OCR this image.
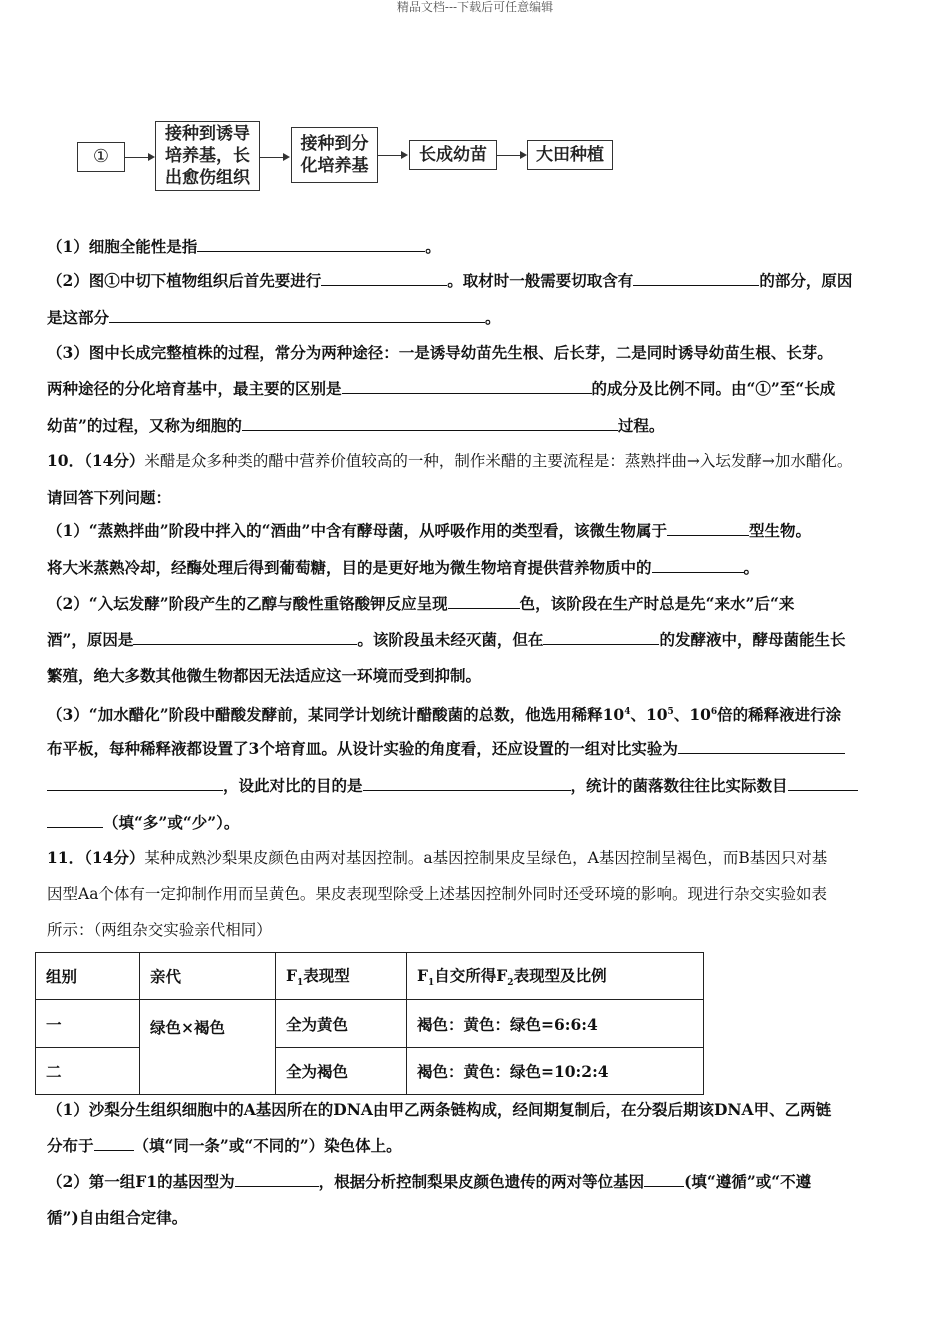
精品文档---下载后可任意编辑
①
接种到诱导
培养基，长
出愈伤组织
接种到分
化培养基
长成幼苗	大田种植
（1）细胞全能性是指	。
（2）图①中切下植物组织后首先要进行	。取材时一般需要切取含有	的部分，原因
是这部分	。
（3）图中长成完整植株的过程，常分为两种途径：一是诱导幼苗先生根、后长芽，二是同时诱导幼苗生根、长芽。
两种途径的分化培育基中，最主要的区别是	的成分及比例不同。由“①”至“长成
幼苗”的过程，又称为细胞的	过程。
10．（14分）米醋是众多种类的醋中营养价值较高的一种，制作米醋的主要流程是：蒸熟拌曲→入坛发酵→加水醋化。
请回答下列问题：
（1）“蒸熟拌曲”阶段中拌入的“酒曲”中含有酵母菌，从呼吸作用的类型看，该微生物属于	型生物。
将大米蒸熟冷却，经酶处理后得到葡萄糖，目的是更好地为微生物培育提供营养物质中的	。
（2）“入坛发酵”阶段产生的乙醇与酸性重铬酸钾反应呈现	色，该阶段在生产时总是先“来水”后“来
酒”，原因是	。该阶段虽未经灭菌，但在	的发酵液中，酵母菌能生长
繁殖，绝大多数其他微生物都因无法适应这一环境而受到抑制。
（3）“加水醋化”阶段中醋酸发酵前，某同学计划统计醋酸菌的总数，他选用稀释$10^4$、$10^5$、$10^6$倍的稀释液进行涂
布平板，每种稀释液都设置了3个培育皿。从设计实验的角度看，还应设置的一组对比实验为
，设此对比的目的是	，统计的菌落数往往比实际数目
（填“多”或“少”）。
11．（14分）某种成熟沙梨果皮颜色由两对基因控制。a基因控制果皮呈绿色，A基因控制呈褐色，而B基因只对基
因型Aa个体有一定抑制作用而呈黄色。果皮表现型除受上述基因控制外同时还受环境的影响。现进行杂交实验如表
所示：（两组杂交实验亲代相同）
组别	亲代	$F_1$表现型	$F_1$自交所得$F_2$表现型及比例
一	绿色×褐色	全为黄色	褐色：黄色：绿色=6:6:4
二		全为褐色	褐色：黄色：绿色=10:2:4
（1）沙梨分生组织细胞中的A基因所在的DNA由甲乙两条链构成，经间期复制后，在分裂后期该DNA甲、乙两链
分布于	（填“同一条”或“不同的”）染色体上。
（2）第一组F1的基因型为	，根据分析控制梨果皮颜色遗传的两对等位基因	(填“遵循”或“不遵
循”)自由组合定律。
